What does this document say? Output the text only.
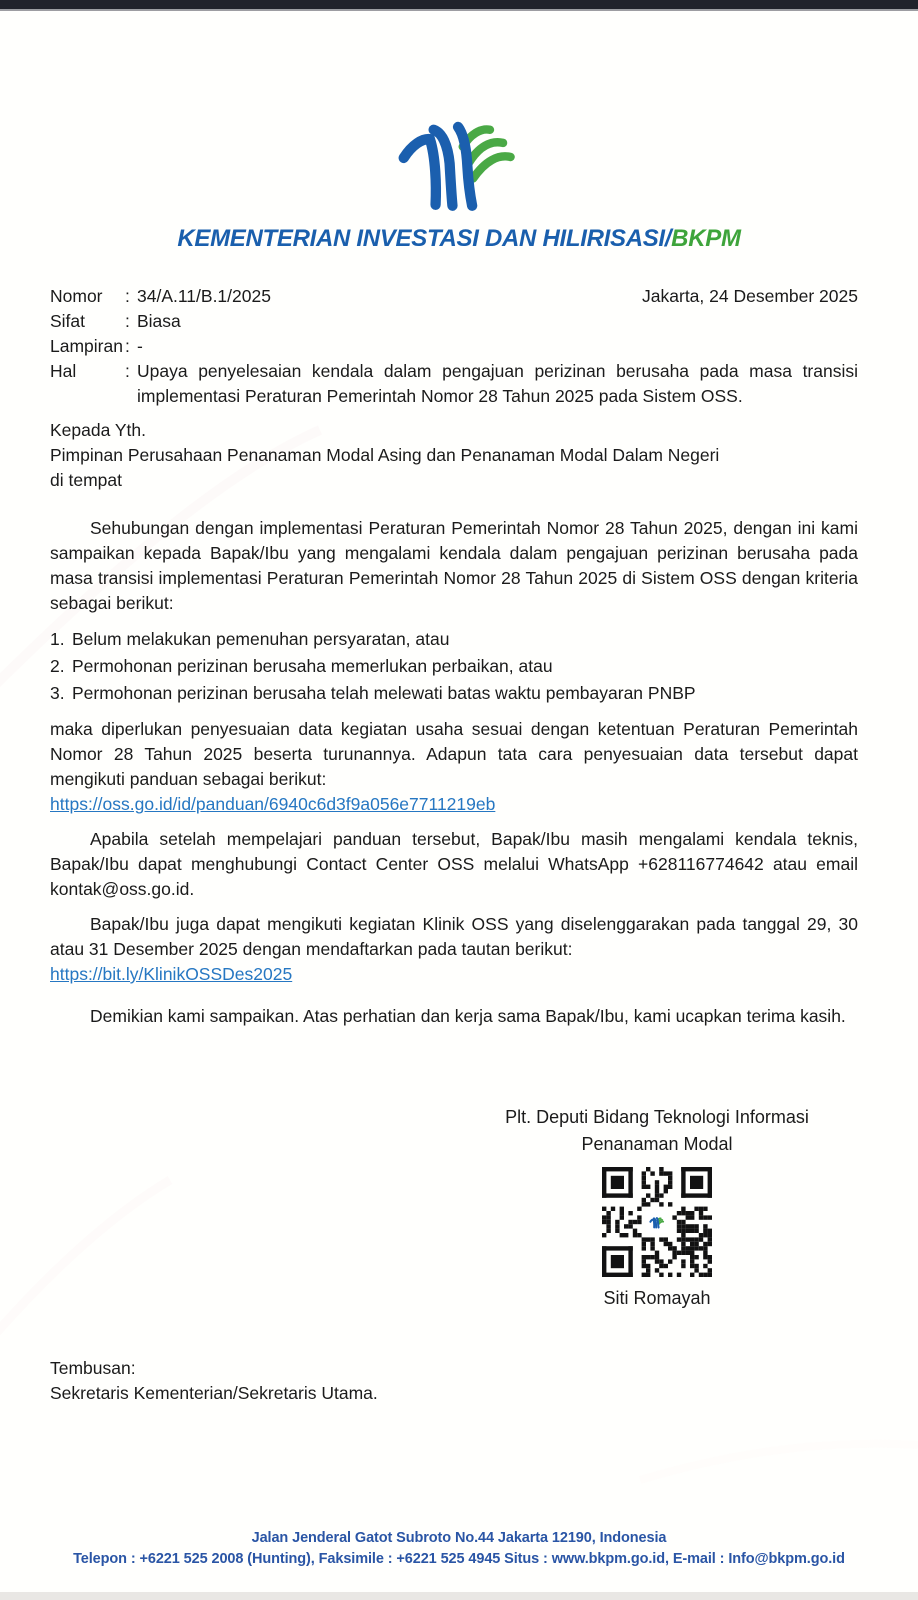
KEMENTERIAN INVESTASI DAN HILIRISASI/BKPM
Nomor	: 34/A.11/B.1/2025	Jakarta, 24 Desember 2025
Sifat	: Biasa
Lampiran : -
Hal	: Upaya penyelesaian kendala dalam pengajuan perizinan berusaha pada masa transisi implementasi Peraturan Pemerintah Nomor 28 Tahun 2025 pada Sistem OSS.
Kepada Yth.
Pimpinan Perusahaan Penanaman Modal Asing dan Penanaman Modal Dalam Negeri
di tempat

Sehubungan dengan implementasi Peraturan Pemerintah Nomor 28 Tahun 2025, dengan ini kami sampaikan kepada Bapak/Ibu yang mengalami kendala dalam pengajuan perizinan berusaha pada masa transisi implementasi Peraturan Pemerintah Nomor 28 Tahun 2025 di Sistem OSS dengan kriteria sebagai berikut:

1. Belum melakukan pemenuhan persyaratan, atau
2. Permohonan perizinan berusaha memerlukan perbaikan, atau
3. Permohonan perizinan berusaha telah melewati batas waktu pembayaran PNBP

maka diperlukan penyesuaian data kegiatan usaha sesuai dengan ketentuan Peraturan Pemerintah Nomor 28 Tahun 2025 beserta turunannya. Adapun tata cara penyesuaian data tersebut dapat mengikuti panduan sebagai berikut:

https://oss.go.id/id/panduan/6940c6d3f9a056e7711219eb

Apabila setelah mempelajari panduan tersebut, Bapak/Ibu masih mengalami kendala teknis, Bapak/Ibu dapat menghubungi Contact Center OSS melalui WhatsApp +628116774642 atau email kontak@oss.go.id.

Bapak/Ibu juga dapat mengikuti kegiatan Klinik OSS yang diselenggarakan pada tanggal 29, 30 atau 31 Desember 2025 dengan mendaftarkan pada tautan berikut:

https://bit.ly/KlinikOSSDes2025

Demikian kami sampaikan. Atas perhatian dan kerja sama Bapak/Ibu, kami ucapkan terima kasih.

Plt. Deputi Bidang Teknologi Informasi
Penanaman Modal
Siti Romayah
Tembusan:
Sekretaris Kementerian/Sekretaris Utama.
Jalan Jenderal Gatot Subroto No.44 Jakarta 12190, Indonesia
Telepon : +6221 525 2008 (Hunting), Faksimile : +6221 525 4945 Situs : www.bkpm.go.id, E-mail : Info@bkpm.go.id
